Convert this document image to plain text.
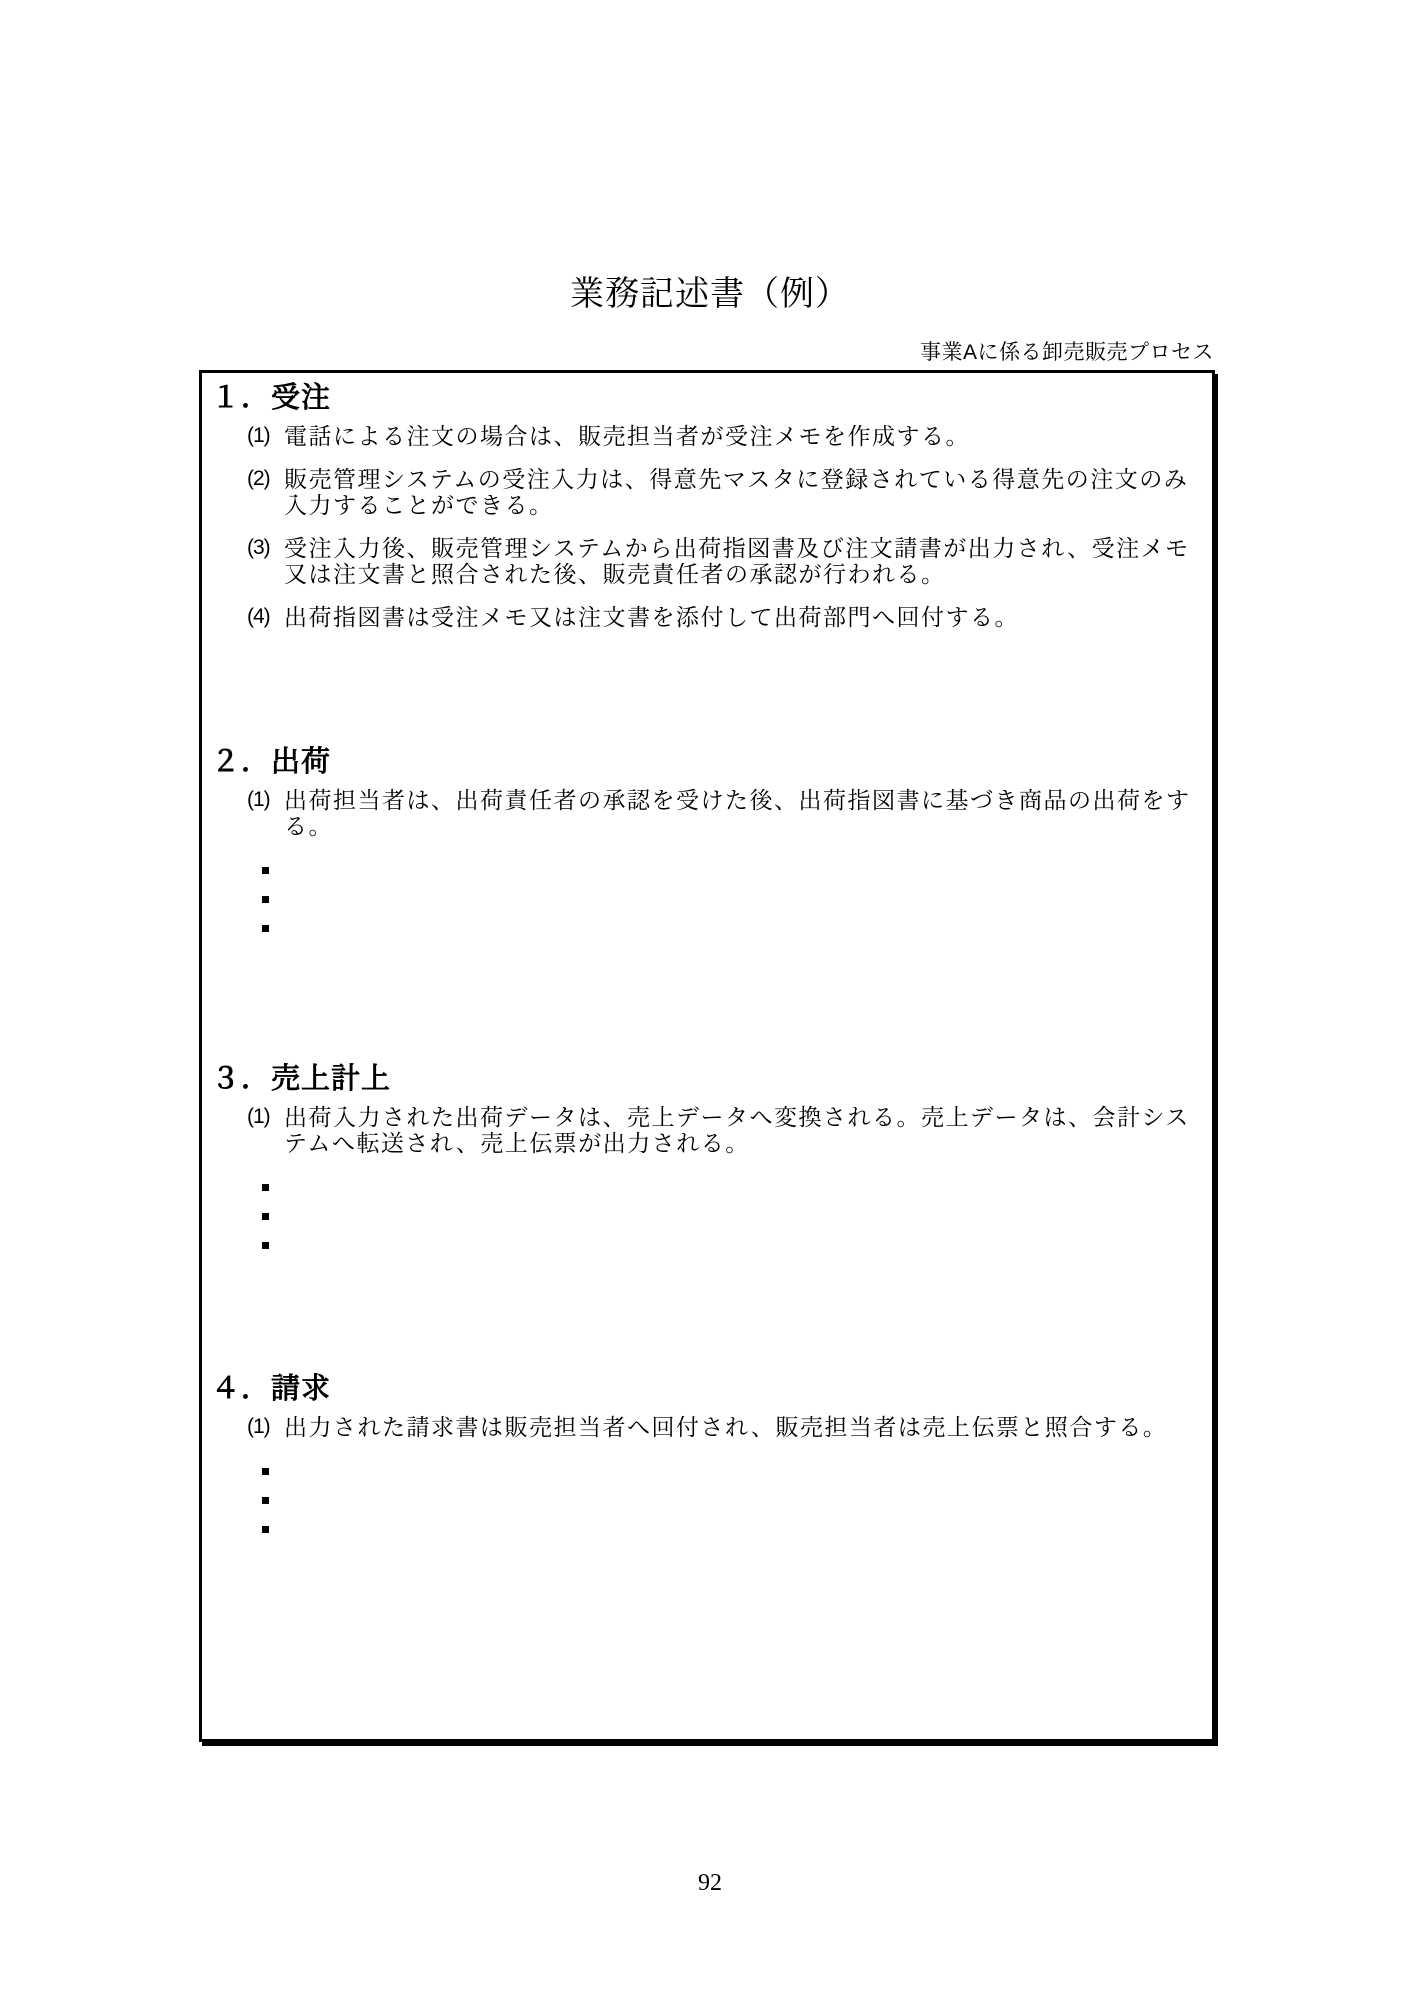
業務記述書（例）
事業Aに係る卸売販売プロセス
１．受注
(1) 電話による注文の場合は、販売担当者が受注メモを作成する。
(2) 販売管理システムの受注入力は、得意先マスタに登録されている得意先の注文のみ入力することができる。
(3) 受注入力後、販売管理システムから出荷指図書及び注文請書が出力され、受注メモ又は注文書と照合された後、販売責任者の承認が行われる。
(4) 出荷指図書は受注メモ又は注文書を添付して出荷部門へ回付する。
２．出荷
(1) 出荷担当者は、出荷責任者の承認を受けた後、出荷指図書に基づき商品の出荷をする。
３．売上計上
(1) 出荷入力された出荷データは、売上データへ変換される。売上データは、会計システムへ転送され、売上伝票が出力される。
４．請求
(1) 出力された請求書は販売担当者へ回付され、販売担当者は売上伝票と照合する。
92
